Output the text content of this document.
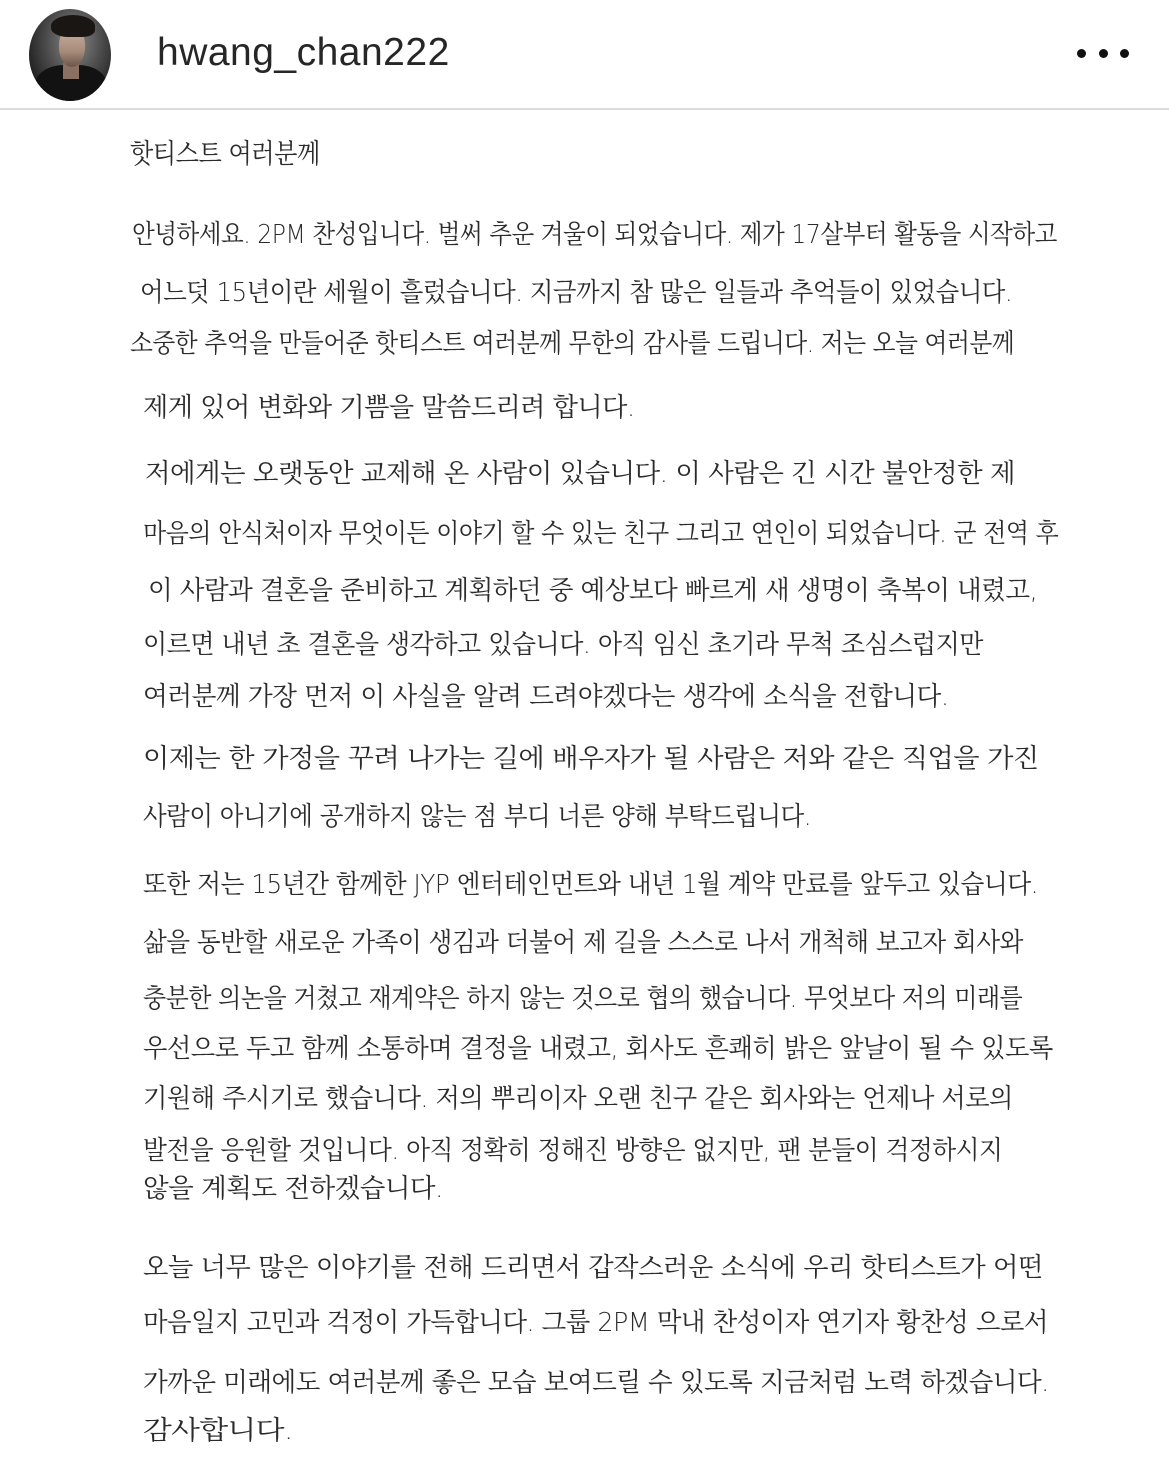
hwang_chan222
핫티스트 여러분께
안녕하세요. 2PM 찬성입니다. 벌써 추운 겨울이 되었습니다. 제가 17살부터 활동을 시작하고
어느덧 15년이란 세월이 흘렀습니다. 지금까지 참 많은 일들과 추억들이 있었습니다.
소중한 추억을 만들어준 핫티스트 여러분께 무한의 감사를 드립니다. 저는 오늘 여러분께
제게 있어 변화와 기쁨을 말씀드리려 합니다.
저에게는 오랫동안 교제해 온 사람이 있습니다. 이 사람은 긴 시간 불안정한 제
마음의 안식처이자 무엇이든 이야기 할 수 있는 친구 그리고 연인이 되었습니다. 군 전역 후
이 사람과 결혼을 준비하고 계획하던 중 예상보다 빠르게 새 생명이 축복이 내렸고,
이르면 내년 초 결혼을 생각하고 있습니다. 아직 임신 초기라 무척 조심스럽지만
여러분께 가장 먼저 이 사실을 알려 드려야겠다는 생각에 소식을 전합니다.
이제는 한 가정을 꾸려 나가는 길에 배우자가 될 사람은 저와 같은 직업을 가진
사람이 아니기에 공개하지 않는 점 부디 너른 양해 부탁드립니다.
또한 저는 15년간 함께한 JYP 엔터테인먼트와 내년 1월 계약 만료를 앞두고 있습니다.
삶을 동반할 새로운 가족이 생김과 더불어 제 길을 스스로 나서 개척해 보고자 회사와
충분한 의논을 거쳤고 재계약은 하지 않는 것으로 협의 했습니다. 무엇보다 저의 미래를
우선으로 두고 함께 소통하며 결정을 내렸고, 회사도 흔쾌히 밝은 앞날이 될 수 있도록
기원해 주시기로 했습니다. 저의 뿌리이자 오랜 친구 같은 회사와는 언제나 서로의
발전을 응원할 것입니다. 아직 정확히 정해진 방향은 없지만, 팬 분들이 걱정하시지
않을 계획도 전하겠습니다.
오늘 너무 많은 이야기를 전해 드리면서 갑작스러운 소식에 우리 핫티스트가 어떤
마음일지 고민과 걱정이 가득합니다. 그룹 2PM 막내 찬성이자 연기자 황찬성 으로서
가까운 미래에도 여러분께 좋은 모습 보여드릴 수 있도록 지금처럼 노력 하겠습니다.
감사합니다.
